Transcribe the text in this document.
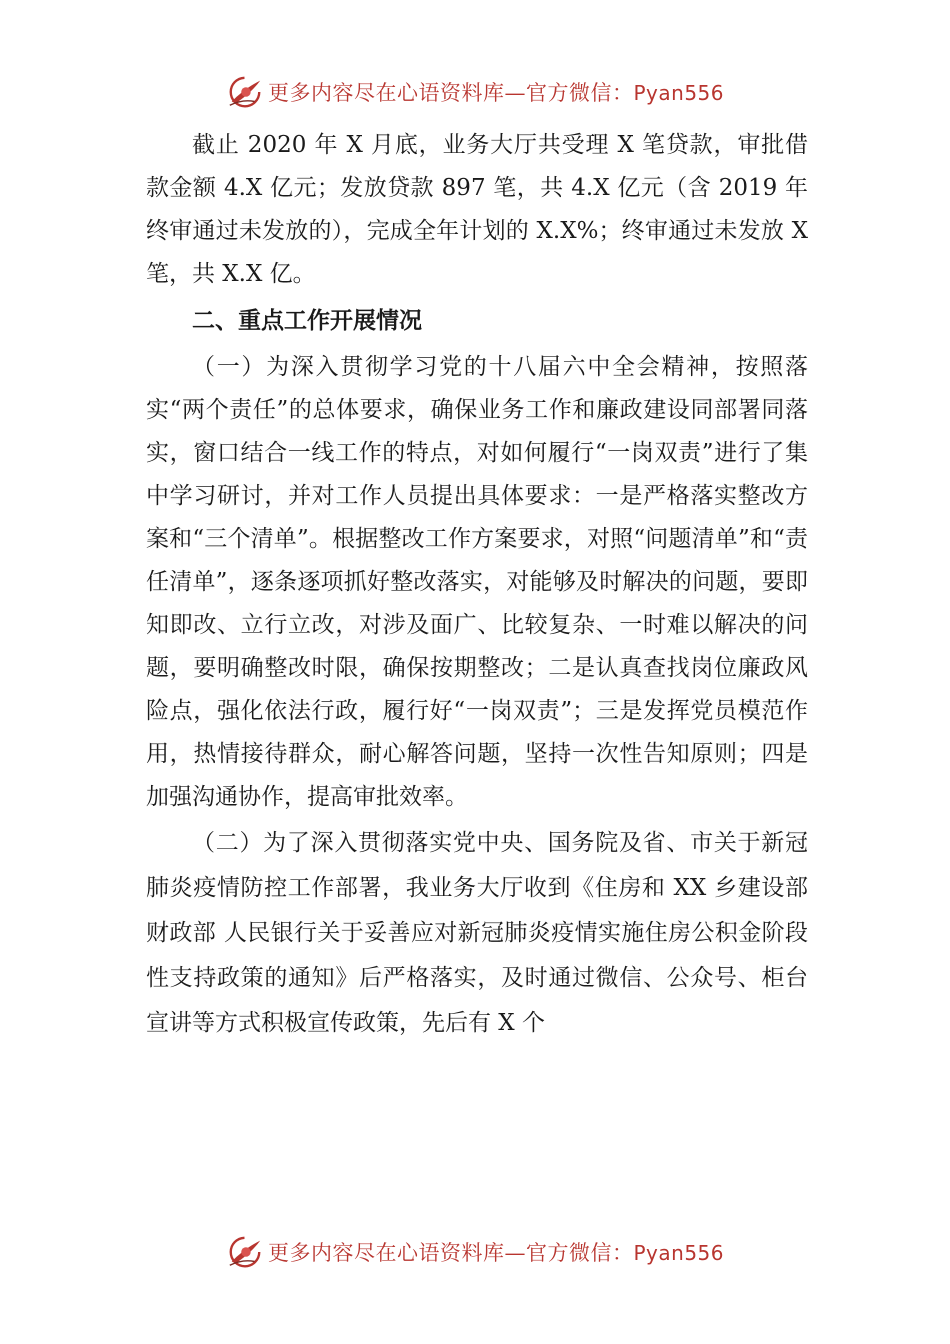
更多内容尽在心语资料库—官方微信：Pyan556

截止 2020 年 X 月底，业务大厅共受理 X 笔贷款，审批借款金额 4.X 亿元；发放贷款 897 笔，共 4.X 亿元（含 2019 年终审通过未发放的），完成全年计划的 X.X%；终审通过未发放 X 笔，共 X.X 亿。

二、重点工作开展情况

（一）为深入贯彻学习党的十八届六中全会精神，按照落实“两个责任”的总体要求，确保业务工作和廉政建设同部署同落实，窗口结合一线工作的特点，对如何履行“一岗双责”进行了集中学习研讨，并对工作人员提出具体要求：一是严格落实整改方案和“三个清单”。根据整改工作方案要求，对照“问题清单”和“责任清单”，逐条逐项抓好整改落实，对能够及时解决的问题，要即知即改、立行立改，对涉及面广、比较复杂、一时难以解决的问题，要明确整改时限，确保按期整改；二是认真查找岗位廉政风险点，强化依法行政，履行好“一岗双责”；三是发挥党员模范作用，热情接待群众，耐心解答问题，坚持一次性告知原则；四是加强沟通协作，提高审批效率。

（二）为了深入贯彻落实党中央、国务院及省、市关于新冠肺炎疫情防控工作部署，我业务大厅收到《住房和 XX 乡建设部 财政部 人民银行关于妥善应对新冠肺炎疫情实施住房公积金阶段性支持政策的通知》后严格落实，及时通过微信、公众号、柜台宣讲等方式积极宣传政策，先后有 X 个

更多内容尽在心语资料库—官方微信：Pyan556
